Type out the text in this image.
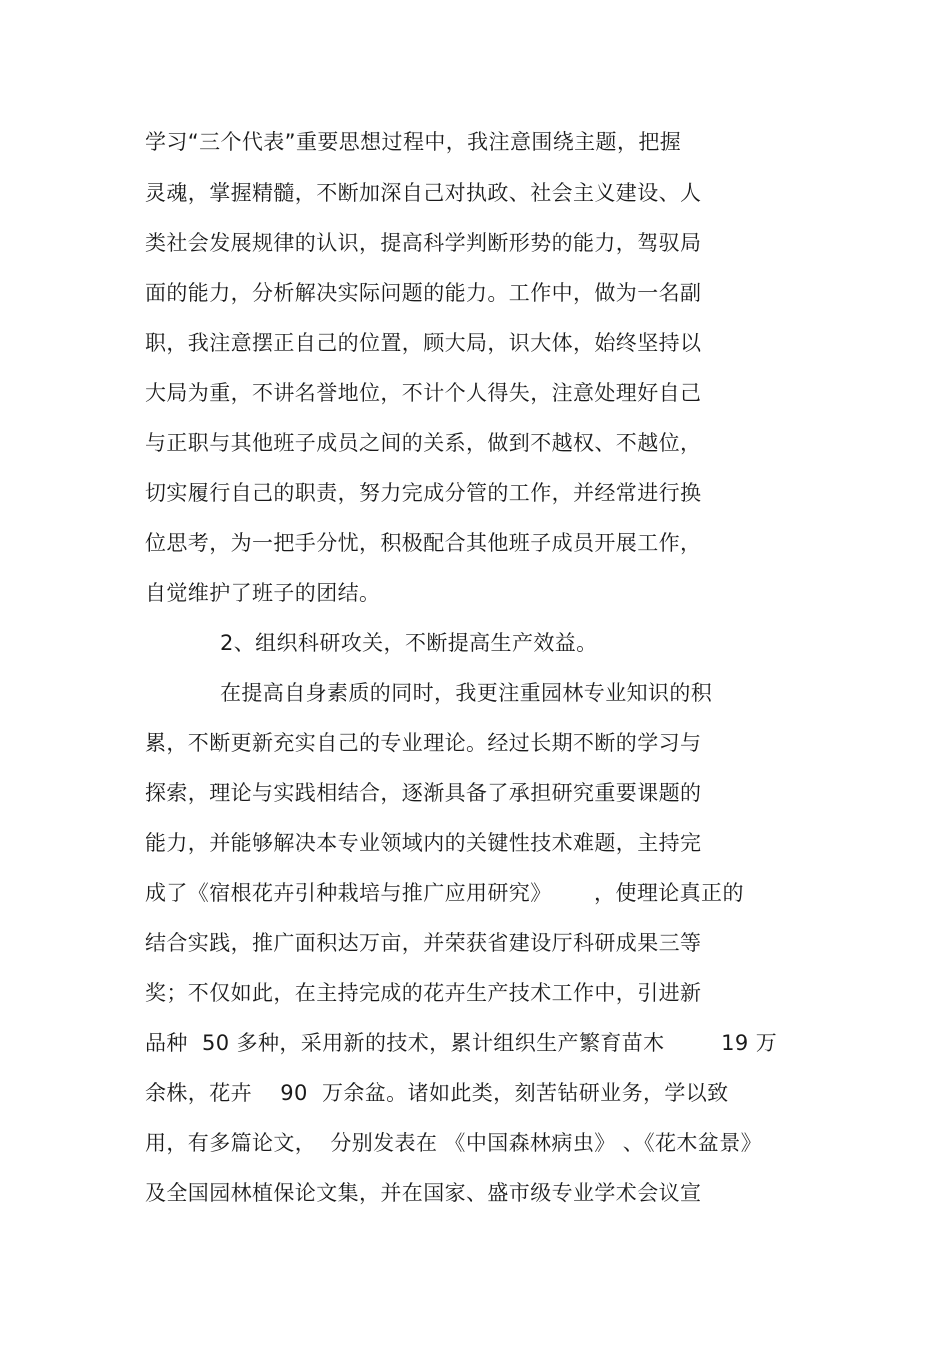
学习“三个代表”重要思想过程中，我注意围绕主题，把握
灵魂，掌握精髓，不断加深自己对执政、社会主义建设、人
类社会发展规律的认识，提高科学判断形势的能力，驾驭局
面的能力，分析解决实际问题的能力。工作中，做为一名副
职，我注意摆正自己的位置，顾大局，识大体，始终坚持以
大局为重，不讲名誉地位，不计个人得失，注意处理好自己
与正职与其他班子成员之间的关系，做到不越权、不越位，
切实履行自己的职责，努力完成分管的工作，并经常进行换
位思考，为一把手分忧，积极配合其他班子成员开展工作，
自觉维护了班子的团结。
2、组织科研攻关，不断提高生产效益。
在提高自身素质的同时，我更注重园林专业知识的积
累，不断更新充实自己的专业理论。经过长期不断的学习与
探索，理论与实践相结合，逐渐具备了承担研究重要课题的
能力，并能够解决本专业领域内的关键性技术难题，主持完
成了《宿根花卉引种栽培与推广应用研究》      ，使理论真正的
结合实践，推广面积达万亩，并荣获省建设厅科研成果三等
奖；不仅如此，在主持完成的花卉生产技术工作中，引进新
品种  50 多种，采用新的技术，累计组织生产繁育苗木        19 万
余株，花卉    90  万余盆。诸如此类，刻苦钻研业务，学以致
用，有多篇论文，  分别发表在 《中国森林病虫》 、《花木盆景》
及全国园林植保论文集，并在国家、盛市级专业学术会议宣
